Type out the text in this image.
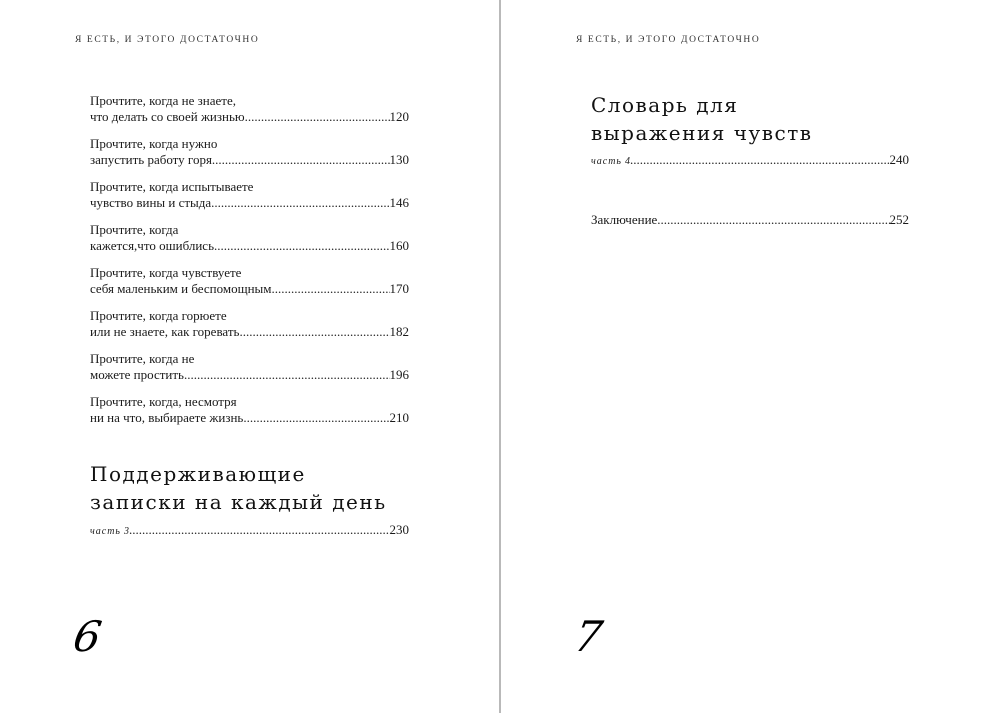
Я ЕСТЬ, И ЭТОГО ДОСТАТОЧНО
Прочтите, когда не знаете,
что делать со своей жизнью .....	120
Прочтите, когда нужно
запустить работу горя .....	130
Прочтите, когда испытываете
чувство вины и стыда .....	146
Прочтите, когда
кажется,что ошиблись .....	160
Прочтите, когда чувствуете
себя маленьким и беспомощным .....	170
Прочтите, когда горюете
или не знаете, как горевать .....	182
Прочтите, когда не
можете простить .....	196
Прочтите, когда, несмотря
ни на что, выбираете жизнь .....	210
Поддерживающие
записки на каждый день
часть 3 .....	230
6
Я ЕСТЬ, И ЭТОГО ДОСТАТОЧНО
Словарь для
выражения чувств
часть 4 .....	240
Заключение .....	252
7
